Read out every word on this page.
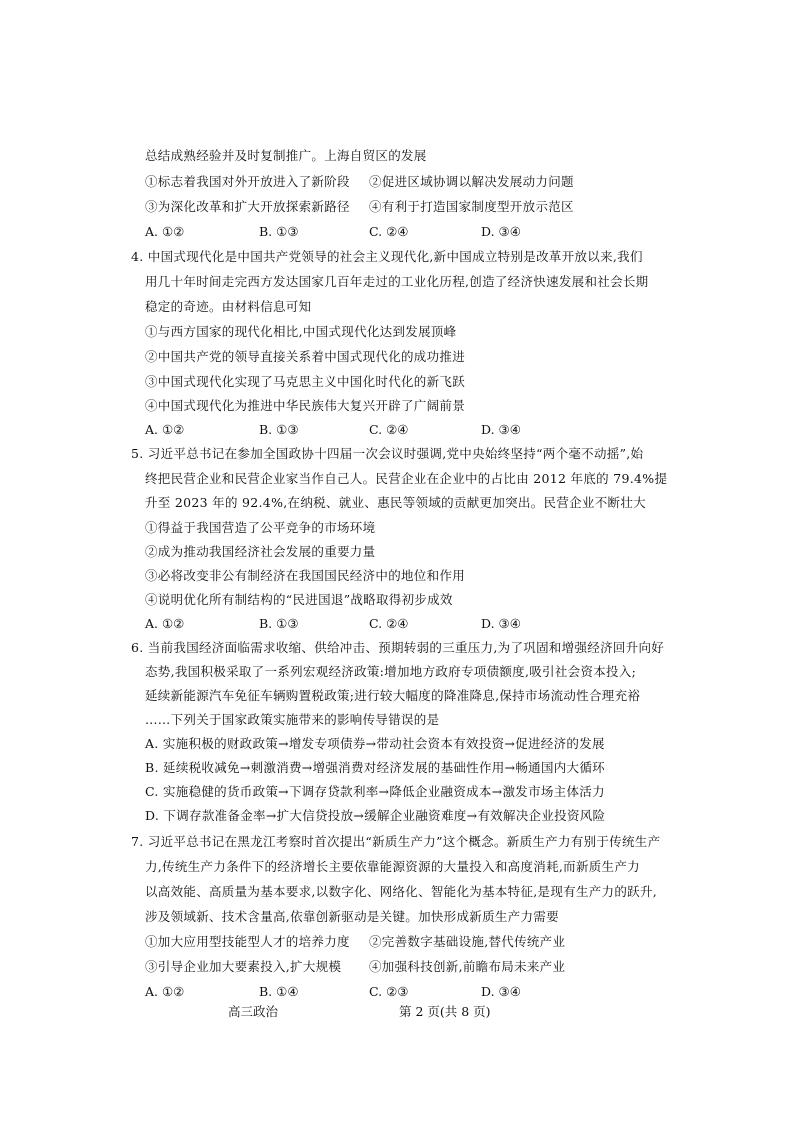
总结成熟经验并及时复制推广。上海自贸区的发展
①标志着我国对外开放进入了新阶段 ②促进区域协调以解决发展动力问题
③为深化改革和扩大开放探索新路径 ④有利于打造国家制度型开放示范区
A. ①②	B. ①③	C. ②④	D. ③④
4. 中国式现代化是中国共产党领导的社会主义现代化,新中国成立特别是改革开放以来,我们
用几十年时间走完西方发达国家几百年走过的工业化历程,创造了经济快速发展和社会长期
稳定的奇迹。由材料信息可知
①与西方国家的现代化相比,中国式现代化达到发展顶峰
②中国共产党的领导直接关系着中国式现代化的成功推进
③中国式现代化实现了马克思主义中国化时代化的新飞跃
④中国式现代化为推进中华民族伟大复兴开辟了广阔前景
A. ①②	B. ①③	C. ②④	D. ③④
5. 习近平总书记在参加全国政协十四届一次会议时强调,党中央始终坚持“两个毫不动摇”,始
终把民营企业和民营企业家当作自己人。民营企业在企业中的占比由 2012 年底的 79.4%提
升至 2023 年的 92.4%,在纳税、就业、惠民等领域的贡献更加突出。民营企业不断壮大
①得益于我国营造了公平竞争的市场环境
②成为推动我国经济社会发展的重要力量
③必将改变非公有制经济在我国国民经济中的地位和作用
④说明优化所有制结构的“民进国退”战略取得初步成效
A. ①②	B. ①③	C. ②④	D. ③④
6. 当前我国经济面临需求收缩、供给冲击、预期转弱的三重压力,为了巩固和增强经济回升向好
态势,我国积极采取了一系列宏观经济政策:增加地方政府专项债额度,吸引社会资本投入;
延续新能源汽车免征车辆购置税政策;进行较大幅度的降准降息,保持市场流动性合理充裕
……下列关于国家政策实施带来的影响传导错误的是
A. 实施积极的财政政策→增发专项债券→带动社会资本有效投资→促进经济的发展
B. 延续税收减免→刺激消费→增强消费对经济发展的基础性作用→畅通国内大循环
C. 实施稳健的货币政策→下调存贷款利率→降低企业融资成本→激发市场主体活力
D. 下调存款准备金率→扩大信贷投放→缓解企业融资难度→有效解决企业投资风险
7. 习近平总书记在黑龙江考察时首次提出“新质生产力”这个概念。新质生产力有别于传统生产
力,传统生产力条件下的经济增长主要依靠能源资源的大量投入和高度消耗,而新质生产力
以高效能、高质量为基本要求,以数字化、网络化、智能化为基本特征,是现有生产力的跃升,
涉及领域新、技术含量高,依靠创新驱动是关键。加快形成新质生产力需要
①加大应用型技能型人才的培养力度 ②完善数字基础设施,替代传统产业
③引导企业加大要素投入,扩大规模 ④加强科技创新,前瞻布局未来产业
A. ①②	B. ①④	C. ②③	D. ③④
高三政治	第 2 页(共 8 页)
